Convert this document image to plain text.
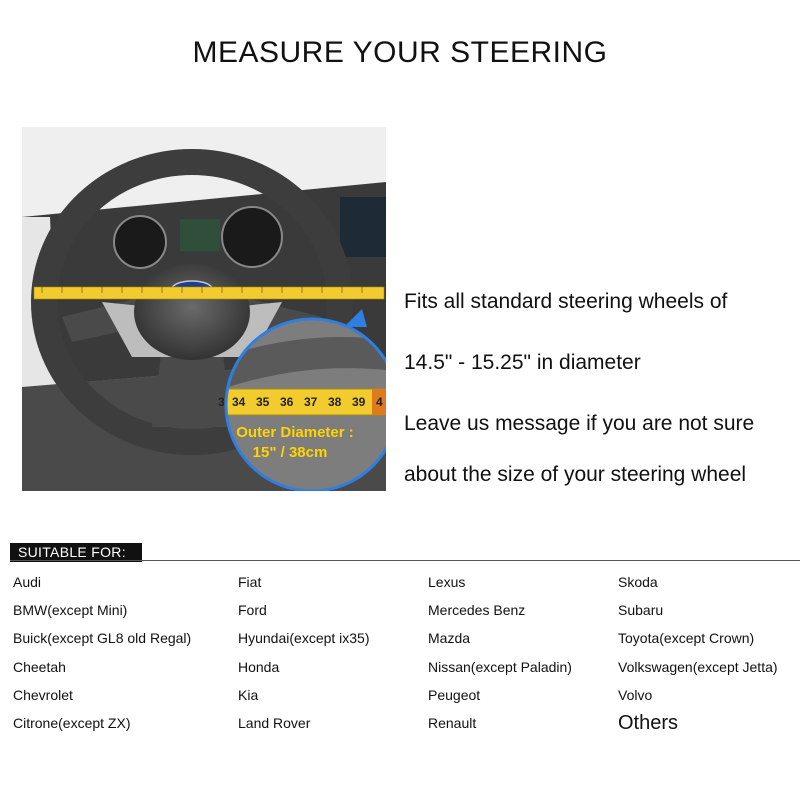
MEASURE YOUR STEERING
3 34 35 36 37 38 39 4
Outer Diameter :
15" / 38cm
Fits all standard steering wheels of
14.5" - 15.25" in diameter
Leave us message if you are not sure
about the size of your steering wheel
SUITABLE FOR:
Audi
BMW(except Mini)
Buick(except GL8 old Regal)
Cheetah
Chevrolet
Citrone(except ZX)
Fiat
Ford
Hyundai(except ix35)
Honda
Kia
Land Rover
Lexus
Mercedes Benz
Mazda
Nissan(except Paladin)
Peugeot
Renault
Skoda
Subaru
Toyota(except Crown)
Volkswagen(except Jetta)
Volvo
Others
